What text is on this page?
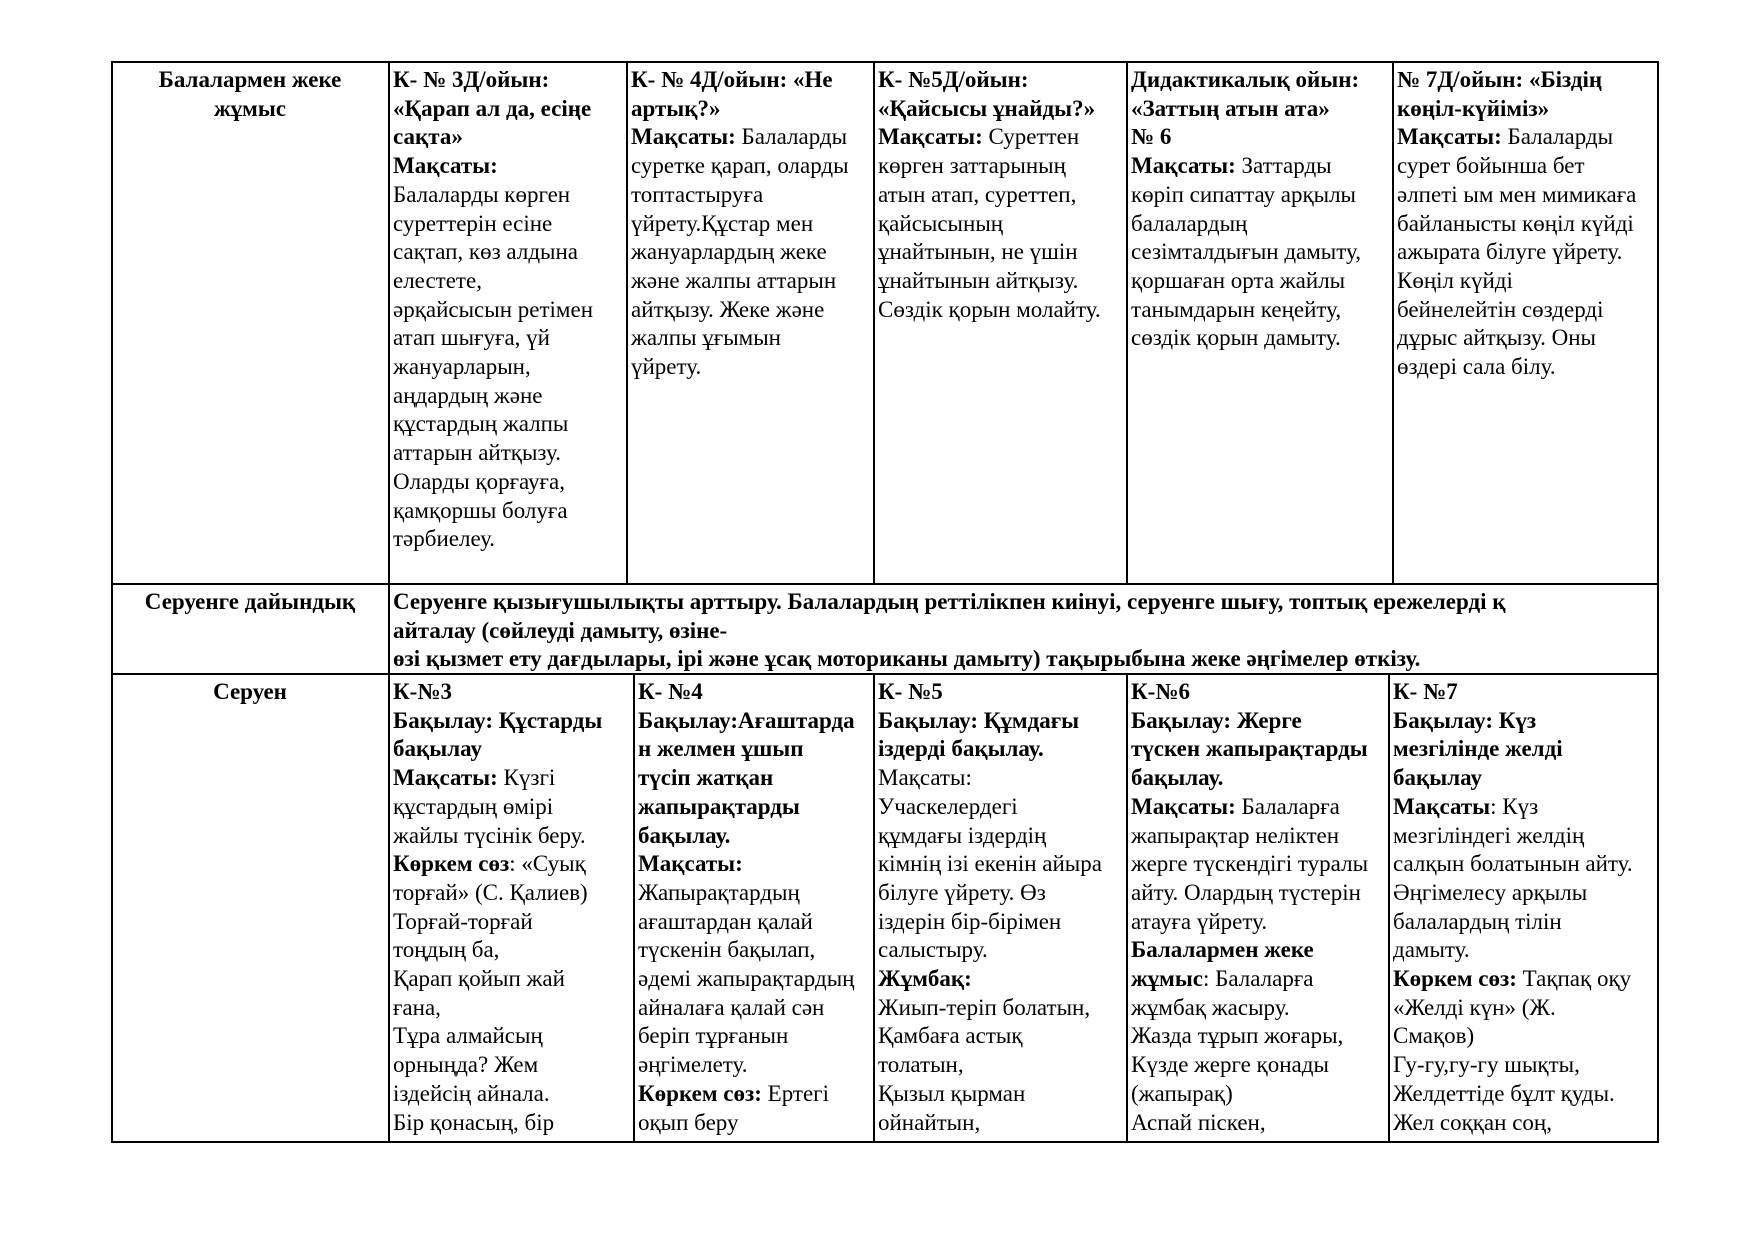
Балалармен жеке
жұмыс
К- № 3Д/ойын:
«Қарап ал да, есіңе
сақта»
Мақсаты:
Балаларды көрген
суреттерін есіне
сақтап, көз алдына
елестете,
әрқайсысын ретімен
атап шығуға, үй
жануарларын,
аңдардың және
құстардың жалпы
аттарын айтқызу.
Оларды қорғауға,
қамқоршы болуға
тәрбиелеу.
К- № 4Д/ойын: «Не
артық?»
Мақсаты: Балаларды
суретке қарап, оларды
топтастыруға
үйрету.Құстар мен
жануарлардың жеке
және жалпы аттарын
айтқызу. Жеке және
жалпы ұғымын
үйрету.
К- №5Д/ойын:
«Қайсысы ұнайды?»
Мақсаты: Суреттен
көрген заттарының
атын атап, суреттеп,
қайсысының
ұнайтынын, не үшін
ұнайтынын айтқызу.
Сөздік қорын молайту.
Дидактикалық ойын:
«Заттың атын ата»
№ 6
Мақсаты: Заттарды
көріп сипаттау арқылы
балалардың
сезімталдығын дамыту,
қоршаған орта жайлы
танымдарын кеңейту,
сөздік қорын дамыту.
№ 7Д/ойын: «Біздің
көңіл-күйіміз»
Мақсаты: Балаларды
сурет бойынша бет
әлпеті ым мен мимикаға
байланысты көңіл күйді
ажырата білуге үйрету.
Көңіл күйді
бейнелейтін сөздерді
дұрыс айтқызу. Оны
өздері сала білу.
Серуенге дайындық	Серуенге қызығушылықты арттыру. Балалардың реттілікпен киінуі, серуенге шығу, топтық ережелерді қ
айталау (сөйлеуді дамыту, өзіне-
өзі қызмет ету дағдылары, ірі және ұсақ моториканы дамыту) тақырыбына жеке әңгімелер өткізу.
Серуен	К-№3
Бақылау: Құстарды
бақылау
Мақсаты: Күзгі
құстардың өмірі
жайлы түсінік беру.
Көркем сөз: «Суық
торғай» (С. Қалиев)
Торғай-торғай
тоңдың ба,
Қарап қойып жай
ғана,
Тұра алмайсың
орныңда? Жем
іздейсің айнала.
Бір қонасың, бір
К- №4
Бақылау:Ағаштарда
н желмен ұшып
түсіп жатқан
жапырақтарды
бақылау.
Мақсаты:
Жапырақтардың
ағаштардан қалай
түскенін бақылап,
әдемі жапырақтардың
айналаға қалай сән
беріп тұрғанын
әңгімелету.
Көркем сөз: Ертегі
оқып беру
К- №5
Бақылау: Құмдағы
іздерді бақылау.
Мақсаты:
Учаскелердегі
құмдағы іздердің
кімнің ізі екенін айыра
білуге үйрету. Өз
іздерін бір-бірімен
салыстыру.
Жұмбақ:
Жиып-теріп болатын,
Қамбаға астық
толатын,
Қызыл қырман
ойнайтын,
К-№6
Бақылау: Жерге
түскен жапырақтарды
бақылау.
Мақсаты: Балаларға
жапырақтар неліктен
жерге түскендігі туралы
айту. Олардың түстерін
атауға үйрету.
Балалармен жеке
жұмыс: Балаларға
жұмбақ жасыру.
Жазда тұрып жоғары,
Күзде жерге қонады
(жапырақ)
Аспай піскен,
К- №7
Бақылау: Күз
мезгілінде желді
бақылау
Мақсаты: Күз
мезгіліндегі желдің
салқын болатынын айту.
Әңгімелесу арқылы
балалардың тілін
дамыту.
Көркем сөз: Тақпақ оқу
«Желді күн» (Ж.
Смақов)
Гу-гу,гу-гу шықты,
Желдеттіде бұлт қуды.
Жел соққан соң,
